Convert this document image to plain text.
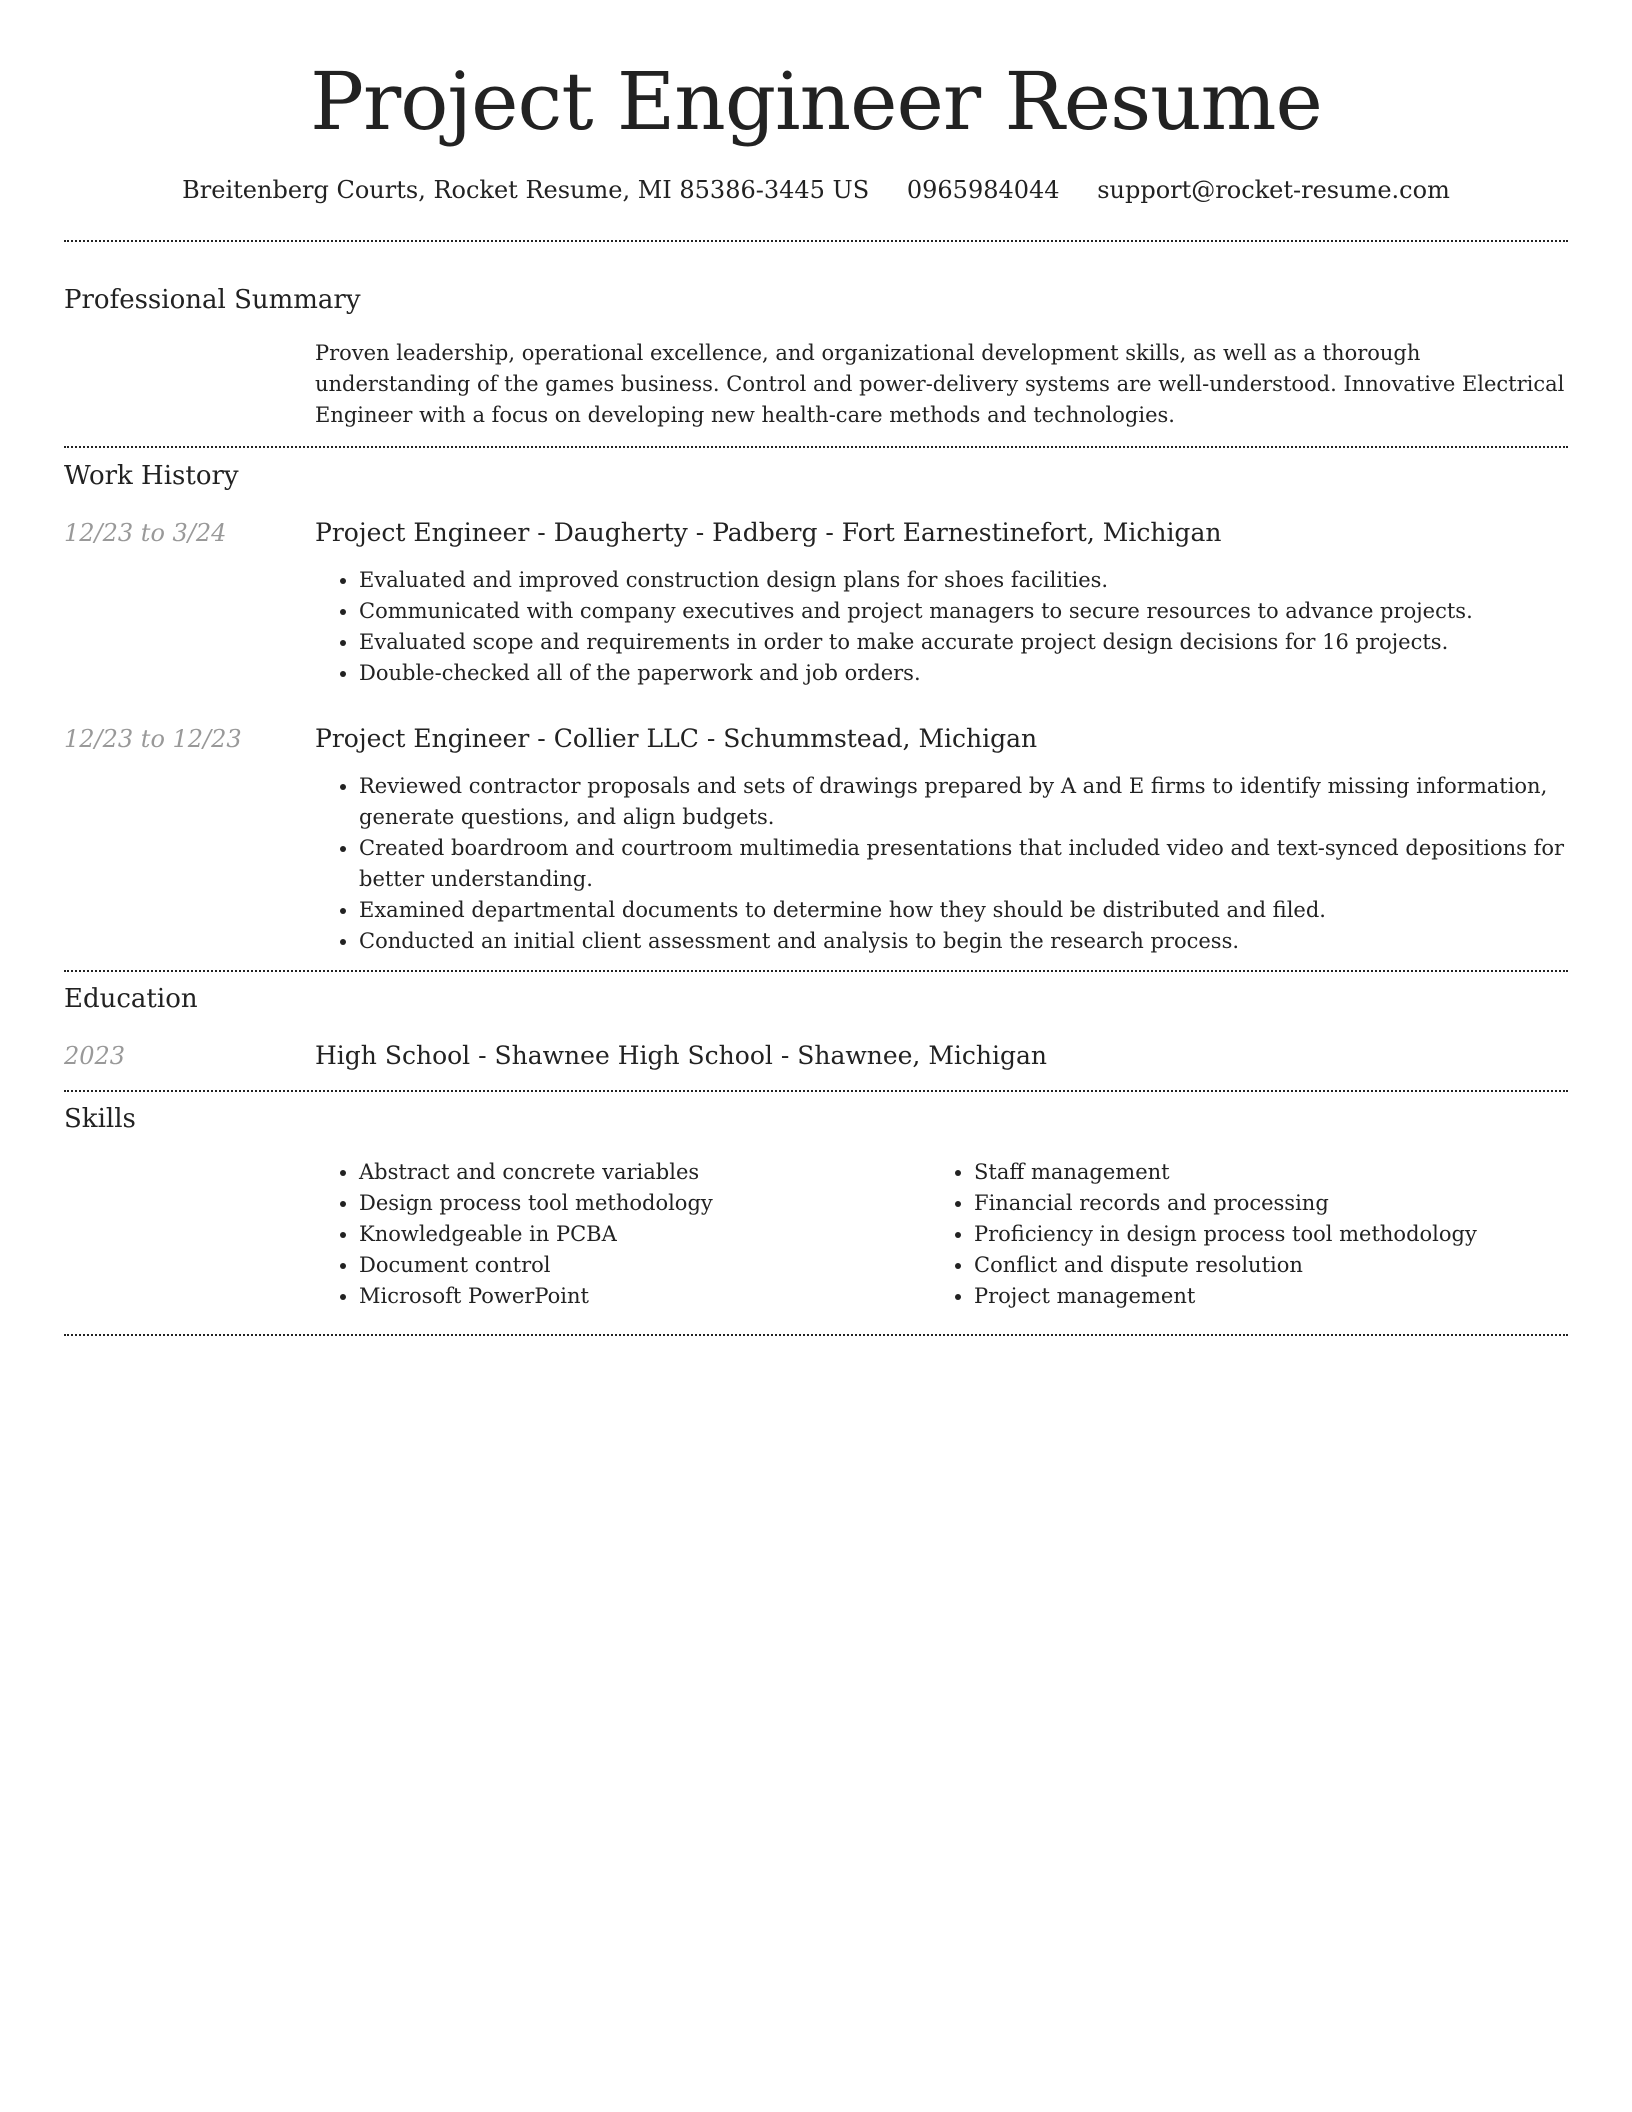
Project Engineer Resume
Breitenberg Courts, Rocket Resume, MI 85386-3445 US 0965984044 support@rocket-resume.com
Professional Summary
Proven leadership, operational excellence, and organizational development skills, as well as a thorough understanding of the games business. Control and power-delivery systems are well-understood. Innovative Electrical Engineer with a focus on developing new health-care methods and technologies.
Work History
12/23 to 3/24	Project Engineer - Daugherty - Padberg - Fort Earnestinefort, Michigan
• Evaluated and improved construction design plans for shoes facilities.
• Communicated with company executives and project managers to secure resources to advance projects.
• Evaluated scope and requirements in order to make accurate project design decisions for 16 projects.
• Double-checked all of the paperwork and job orders.
12/23 to 12/23	Project Engineer - Collier LLC - Schummstead, Michigan
• Reviewed contractor proposals and sets of drawings prepared by A and E firms to identify missing information, generate questions, and align budgets.
• Created boardroom and courtroom multimedia presentations that included video and text-synced depositions for better understanding.
• Examined departmental documents to determine how they should be distributed and filed.
• Conducted an initial client assessment and analysis to begin the research process.
Education
2023	High School - Shawnee High School - Shawnee, Michigan
Skills
• Abstract and concrete variables
• Design process tool methodology
• Knowledgeable in PCBA
• Document control
• Microsoft PowerPoint
• Staff management
• Financial records and processing
• Proficiency in design process tool methodology
• Conflict and dispute resolution
• Project management
